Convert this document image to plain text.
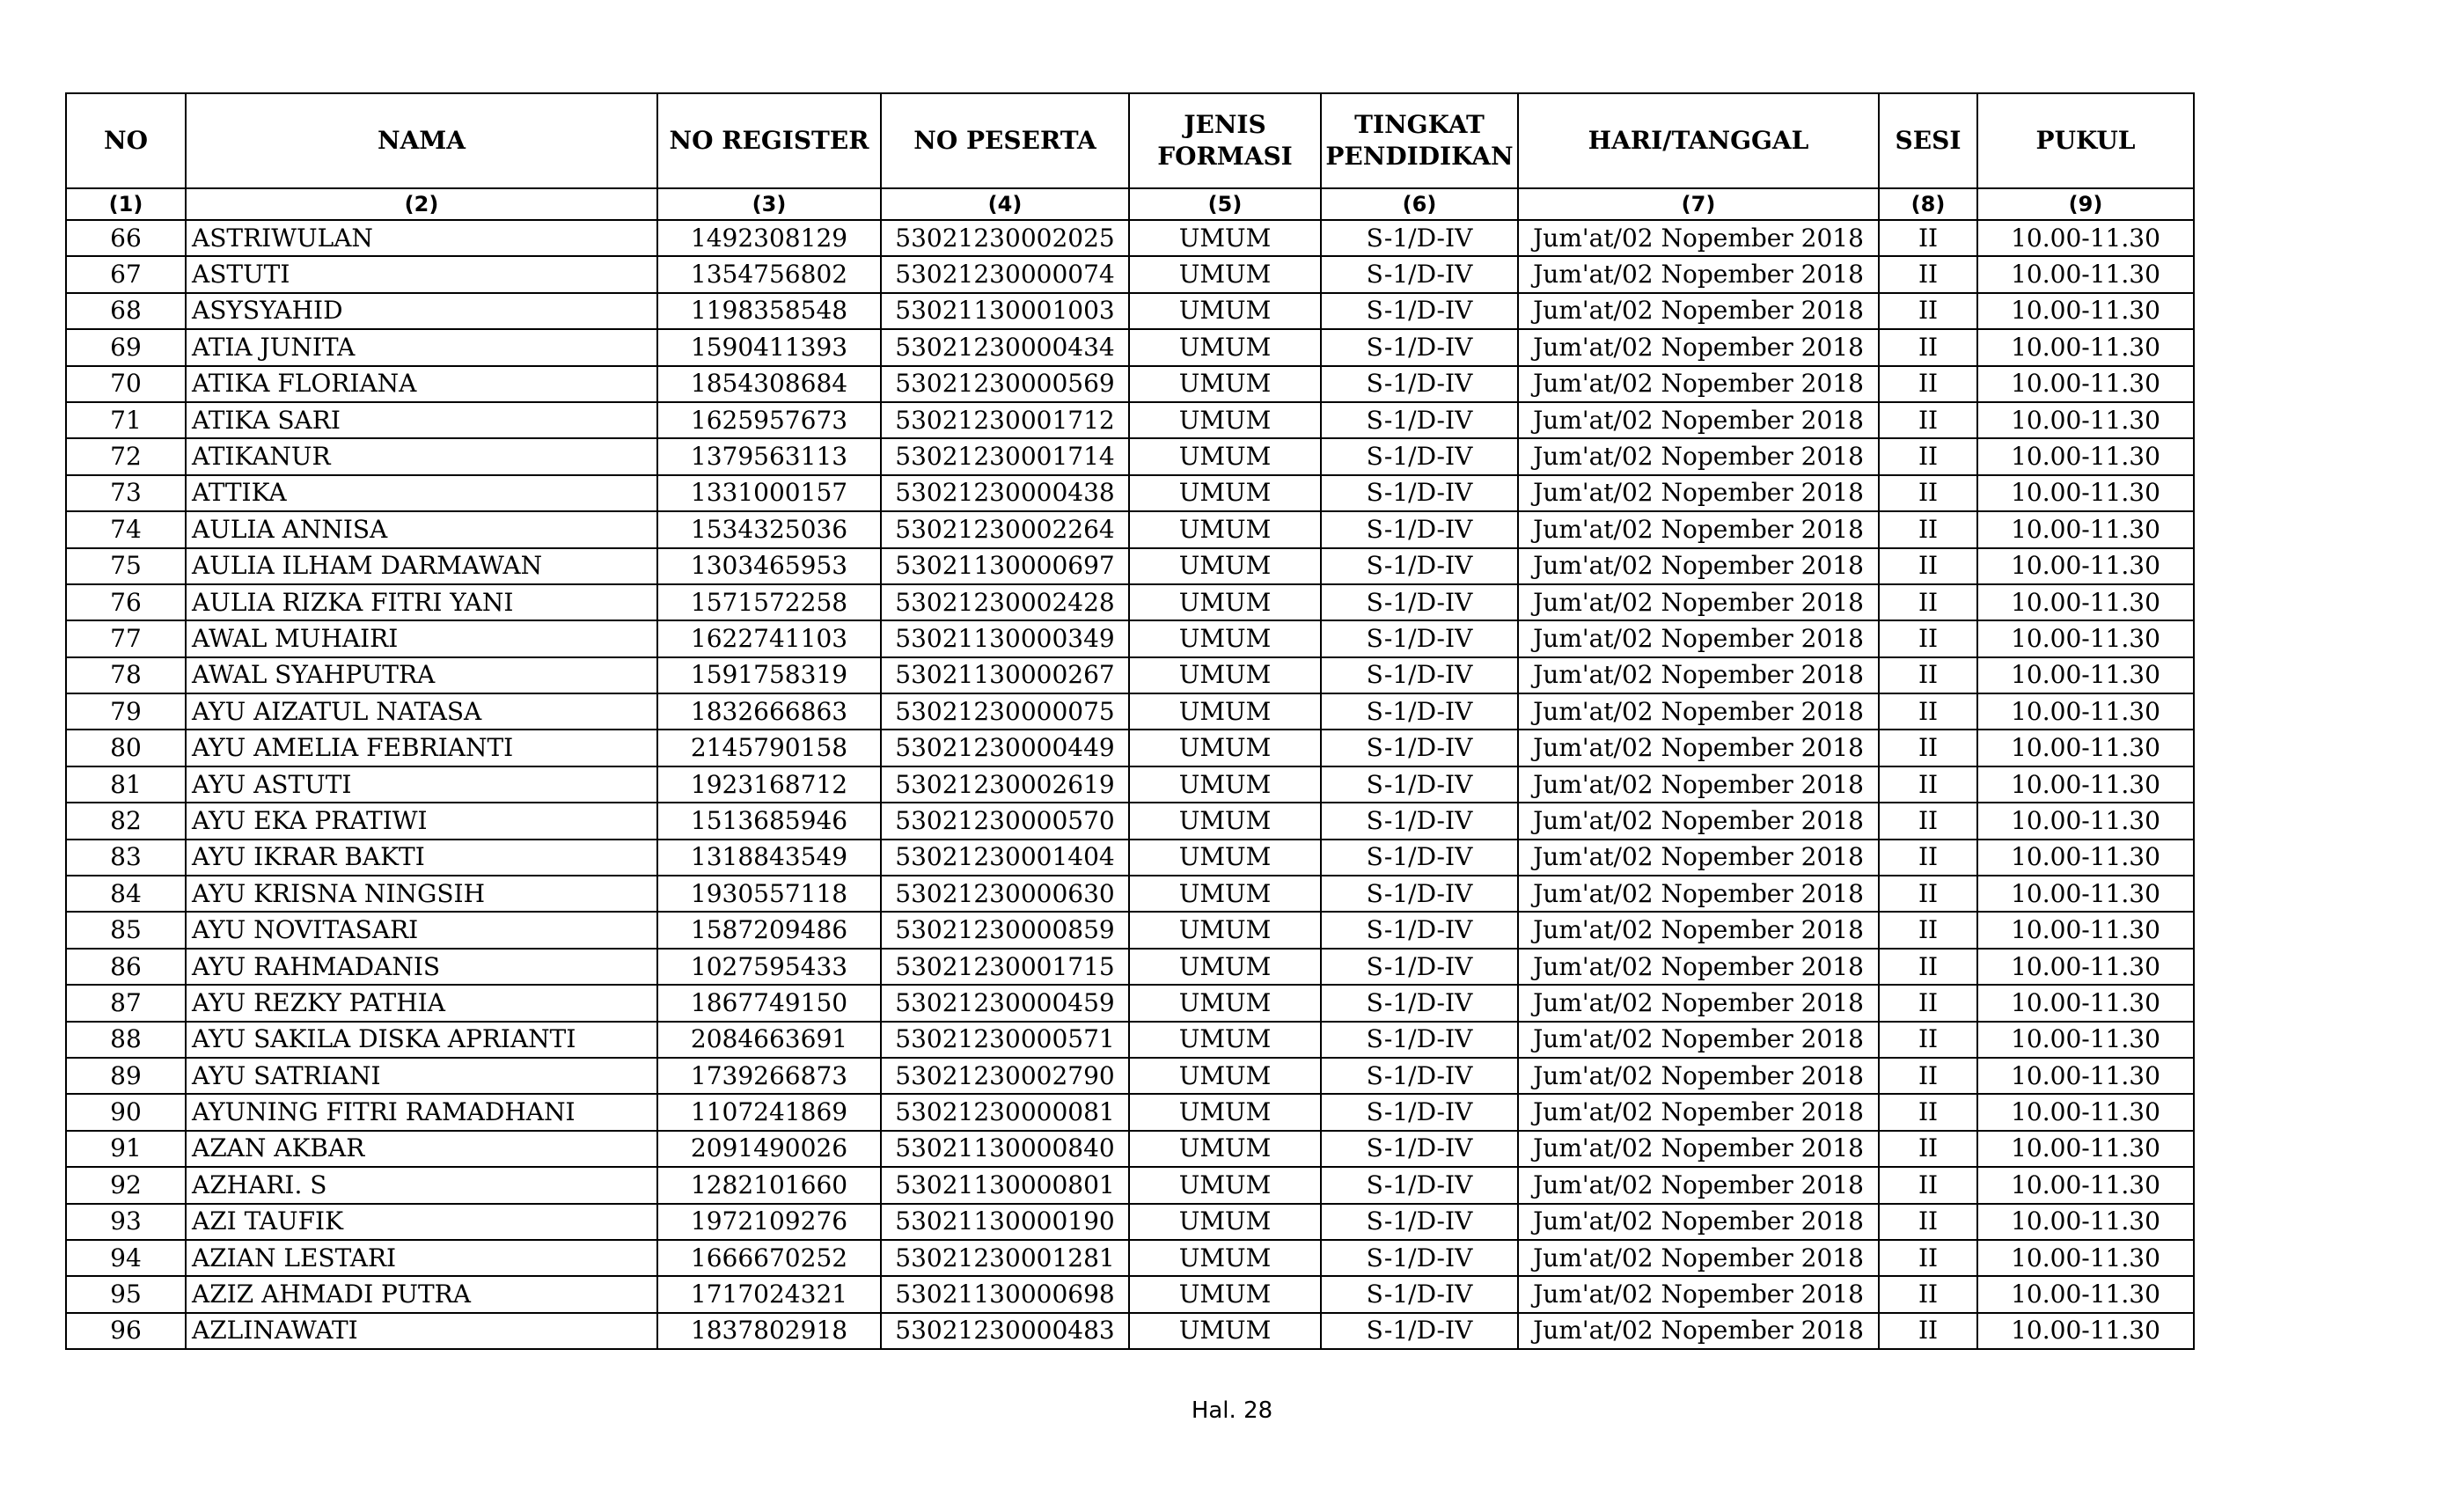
NO	NAMA	NO REGISTER	NO PESERTA	JENIS FORMASI	TINGKAT PENDIDIKAN	HARI/TANGGAL	SESI	PUKUL
(1)	(2)	(3)	(4)	(5)	(6)	(7)	(8)	(9)
66	ASTRIWULAN	1492308129	53021230002025	UMUM	S-1/D-IV	Jum'at/02 Nopember 2018	II	10.00-11.30
67	ASTUTI	1354756802	53021230000074	UMUM	S-1/D-IV	Jum'at/02 Nopember 2018	II	10.00-11.30
68	ASYSYAHID	1198358548	53021130001003	UMUM	S-1/D-IV	Jum'at/02 Nopember 2018	II	10.00-11.30
69	ATIA JUNITA	1590411393	53021230000434	UMUM	S-1/D-IV	Jum'at/02 Nopember 2018	II	10.00-11.30
70	ATIKA FLORIANA	1854308684	53021230000569	UMUM	S-1/D-IV	Jum'at/02 Nopember 2018	II	10.00-11.30
71	ATIKA SARI	1625957673	53021230001712	UMUM	S-1/D-IV	Jum'at/02 Nopember 2018	II	10.00-11.30
72	ATIKANUR	1379563113	53021230001714	UMUM	S-1/D-IV	Jum'at/02 Nopember 2018	II	10.00-11.30
73	ATTIKA	1331000157	53021230000438	UMUM	S-1/D-IV	Jum'at/02 Nopember 2018	II	10.00-11.30
74	AULIA ANNISA	1534325036	53021230002264	UMUM	S-1/D-IV	Jum'at/02 Nopember 2018	II	10.00-11.30
75	AULIA ILHAM DARMAWAN	1303465953	53021130000697	UMUM	S-1/D-IV	Jum'at/02 Nopember 2018	II	10.00-11.30
76	AULIA RIZKA FITRI YANI	1571572258	53021230002428	UMUM	S-1/D-IV	Jum'at/02 Nopember 2018	II	10.00-11.30
77	AWAL MUHAIRI	1622741103	53021130000349	UMUM	S-1/D-IV	Jum'at/02 Nopember 2018	II	10.00-11.30
78	AWAL SYAHPUTRA	1591758319	53021130000267	UMUM	S-1/D-IV	Jum'at/02 Nopember 2018	II	10.00-11.30
79	AYU AIZATUL NATASA	1832666863	53021230000075	UMUM	S-1/D-IV	Jum'at/02 Nopember 2018	II	10.00-11.30
80	AYU AMELIA FEBRIANTI	2145790158	53021230000449	UMUM	S-1/D-IV	Jum'at/02 Nopember 2018	II	10.00-11.30
81	AYU ASTUTI	1923168712	53021230002619	UMUM	S-1/D-IV	Jum'at/02 Nopember 2018	II	10.00-11.30
82	AYU EKA PRATIWI	1513685946	53021230000570	UMUM	S-1/D-IV	Jum'at/02 Nopember 2018	II	10.00-11.30
83	AYU IKRAR BAKTI	1318843549	53021230001404	UMUM	S-1/D-IV	Jum'at/02 Nopember 2018	II	10.00-11.30
84	AYU KRISNA NINGSIH	1930557118	53021230000630	UMUM	S-1/D-IV	Jum'at/02 Nopember 2018	II	10.00-11.30
85	AYU NOVITASARI	1587209486	53021230000859	UMUM	S-1/D-IV	Jum'at/02 Nopember 2018	II	10.00-11.30
86	AYU RAHMADANIS	1027595433	53021230001715	UMUM	S-1/D-IV	Jum'at/02 Nopember 2018	II	10.00-11.30
87	AYU REZKY PATHIA	1867749150	53021230000459	UMUM	S-1/D-IV	Jum'at/02 Nopember 2018	II	10.00-11.30
88	AYU SAKILA DISKA APRIANTI	2084663691	53021230000571	UMUM	S-1/D-IV	Jum'at/02 Nopember 2018	II	10.00-11.30
89	AYU SATRIANI	1739266873	53021230002790	UMUM	S-1/D-IV	Jum'at/02 Nopember 2018	II	10.00-11.30
90	AYUNING FITRI RAMADHANI	1107241869	53021230000081	UMUM	S-1/D-IV	Jum'at/02 Nopember 2018	II	10.00-11.30
91	AZAN AKBAR	2091490026	53021130000840	UMUM	S-1/D-IV	Jum'at/02 Nopember 2018	II	10.00-11.30
92	AZHARI. S	1282101660	53021130000801	UMUM	S-1/D-IV	Jum'at/02 Nopember 2018	II	10.00-11.30
93	AZI TAUFIK	1972109276	53021130000190	UMUM	S-1/D-IV	Jum'at/02 Nopember 2018	II	10.00-11.30
94	AZIAN LESTARI	1666670252	53021230001281	UMUM	S-1/D-IV	Jum'at/02 Nopember 2018	II	10.00-11.30
95	AZIZ AHMADI PUTRA	1717024321	53021130000698	UMUM	S-1/D-IV	Jum'at/02 Nopember 2018	II	10.00-11.30
96	AZLINAWATI	1837802918	53021230000483	UMUM	S-1/D-IV	Jum'at/02 Nopember 2018	II	10.00-11.30
Hal. 28
